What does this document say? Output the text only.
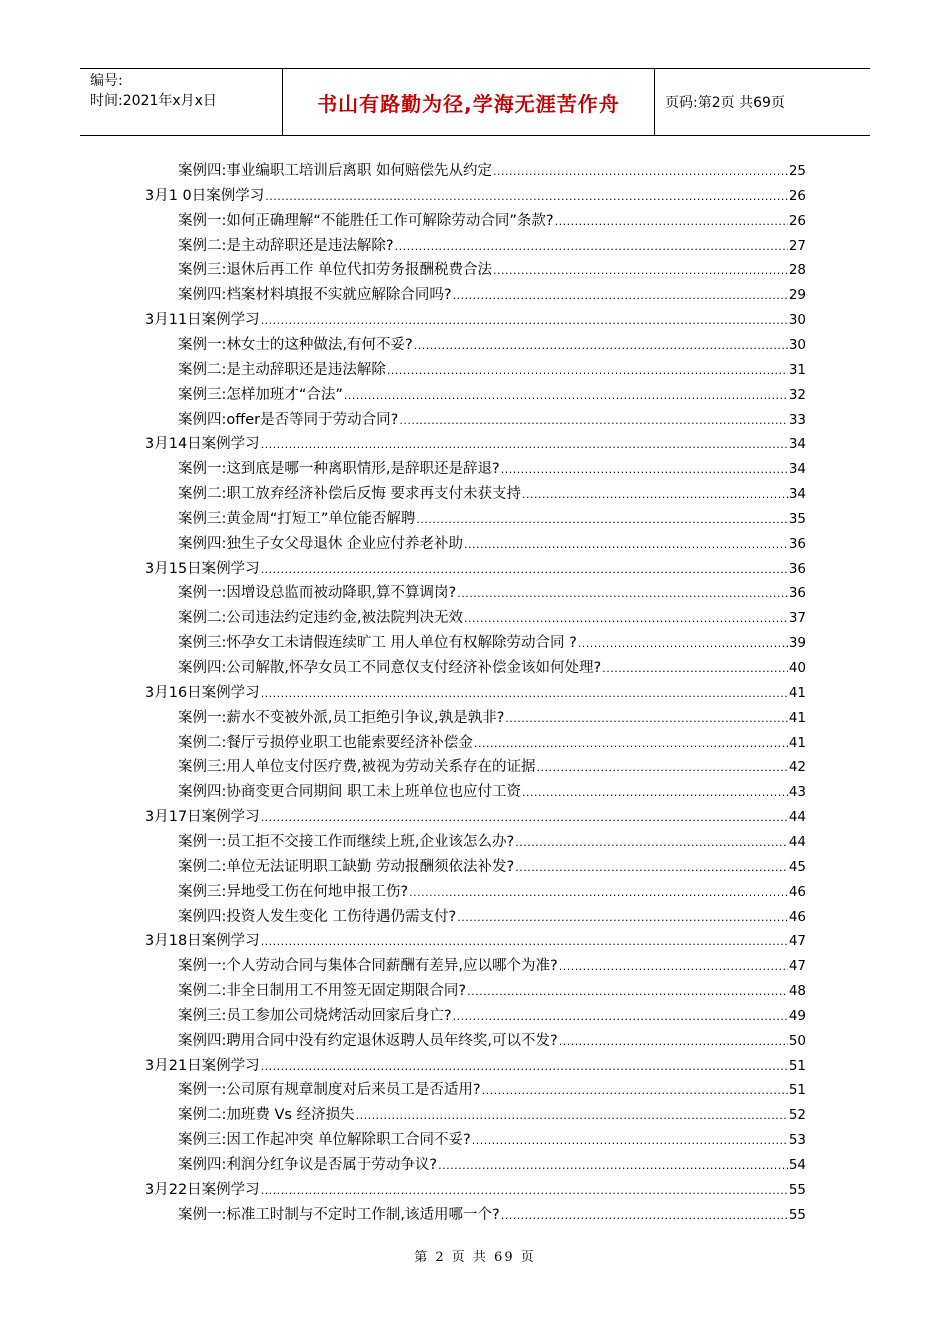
编号:
时间:2021年x月x日	书山有路勤为径,学海无涯苦作舟	页码:第2页 共69页
案例四:事业编职工培训后离职 如何赔偿先从约定 .....	25
3月1 0日案例学习 .....	26
案例一:如何正确理解“不能胜任工作可解除劳动合同”条款? .....	26
案例二:是主动辞职还是违法解除? .....	27
案例三:退休后再工作 单位代扣劳务报酬税费合法 .....	28
案例四:档案材料填报不实就应解除合同吗? .....	29
3月11日案例学习 .....	30
案例一:林女士的这种做法,有何不妥? .....	30
案例二:是主动辞职还是违法解除 .....	31
案例三:怎样加班才“合法” .....	32
案例四:offer是否等同于劳动合同? .....	33
3月14日案例学习 .....	34
案例一:这到底是哪一种离职情形,是辞职还是辞退? .....	34
案例二:职工放弃经济补偿后反悔 要求再支付未获支持 .....	34
案例三:黄金周“打短工”单位能否解聘 .....	35
案例四:独生子女父母退休 企业应付养老补助 .....	36
3月15日案例学习 .....	36
案例一:因增设总监而被动降职,算不算调岗? .....	36
案例二:公司违法约定违约金,被法院判决无效 .....	37
案例三:怀孕女工未请假连续旷工 用人单位有权解除劳动合同 ? .....	39
案例四:公司解散,怀孕女员工不同意仅支付经济补偿金该如何处理? .....	40
3月16日案例学习 .....	41
案例一:薪水不变被外派,员工拒绝引争议,孰是孰非? .....	41
案例二:餐厅亏损停业职工也能索要经济补偿金 .....	41
案例三:用人单位支付医疗费,被视为劳动关系存在的证据 .....	42
案例四:协商变更合同期间 职工未上班单位也应付工资 .....	43
3月17日案例学习 .....	44
案例一:员工拒不交接工作而继续上班,企业该怎么办? .....	44
案例二:单位无法证明职工缺勤 劳动报酬须依法补发? .....	45
案例三:异地受工伤在何地申报工伤? .....	46
案例四:投资人发生变化 工伤待遇仍需支付? .....	46
3月18日案例学习 .....	47
案例一:个人劳动合同与集体合同薪酬有差异,应以哪个为准? .....	47
案例二:非全日制用工不用签无固定期限合同? .....	48
案例三:员工参加公司烧烤活动回家后身亡? .....	49
案例四:聘用合同中没有约定退休返聘人员年终奖,可以不发? .....	50
3月21日案例学习 .....	51
案例一:公司原有规章制度对后来员工是否适用? .....	51
案例二:加班费 Vs 经济损失 .....	52
案例三:因工作起冲突 单位解除职工合同不妥? .....	53
案例四:利润分红争议是否属于劳动争议? .....	54
3月22日案例学习 .....	55
案例一:标准工时制与不定时工作制,该适用哪一个? .....	55
第 2 页 共 69 页
